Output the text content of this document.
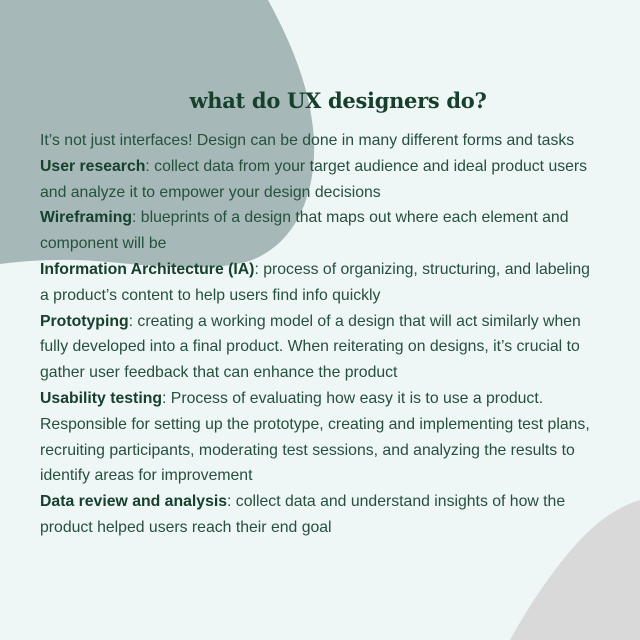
what do UX designers do?

It’s not just interfaces! Design can be done in many different forms and tasks

User research: collect data from your target audience and ideal product users and analyze it to empower your design decisions

Wireframing: blueprints of a design that maps out where each element and component will be

Information Architecture (IA): process of organizing, structuring, and labeling a product’s content to help users find info quickly

Prototyping: creating a working model of a design that will act similarly when fully developed into a final product. When reiterating on designs, it’s crucial to gather user feedback that can enhance the product

Usability testing: Process of evaluating how easy it is to use a product. Responsible for setting up the prototype, creating and implementing test plans, recruiting participants, moderating test sessions, and analyzing the results to identify areas for improvement

Data review and analysis: collect data and understand insights of how the product helped users reach their end goal
